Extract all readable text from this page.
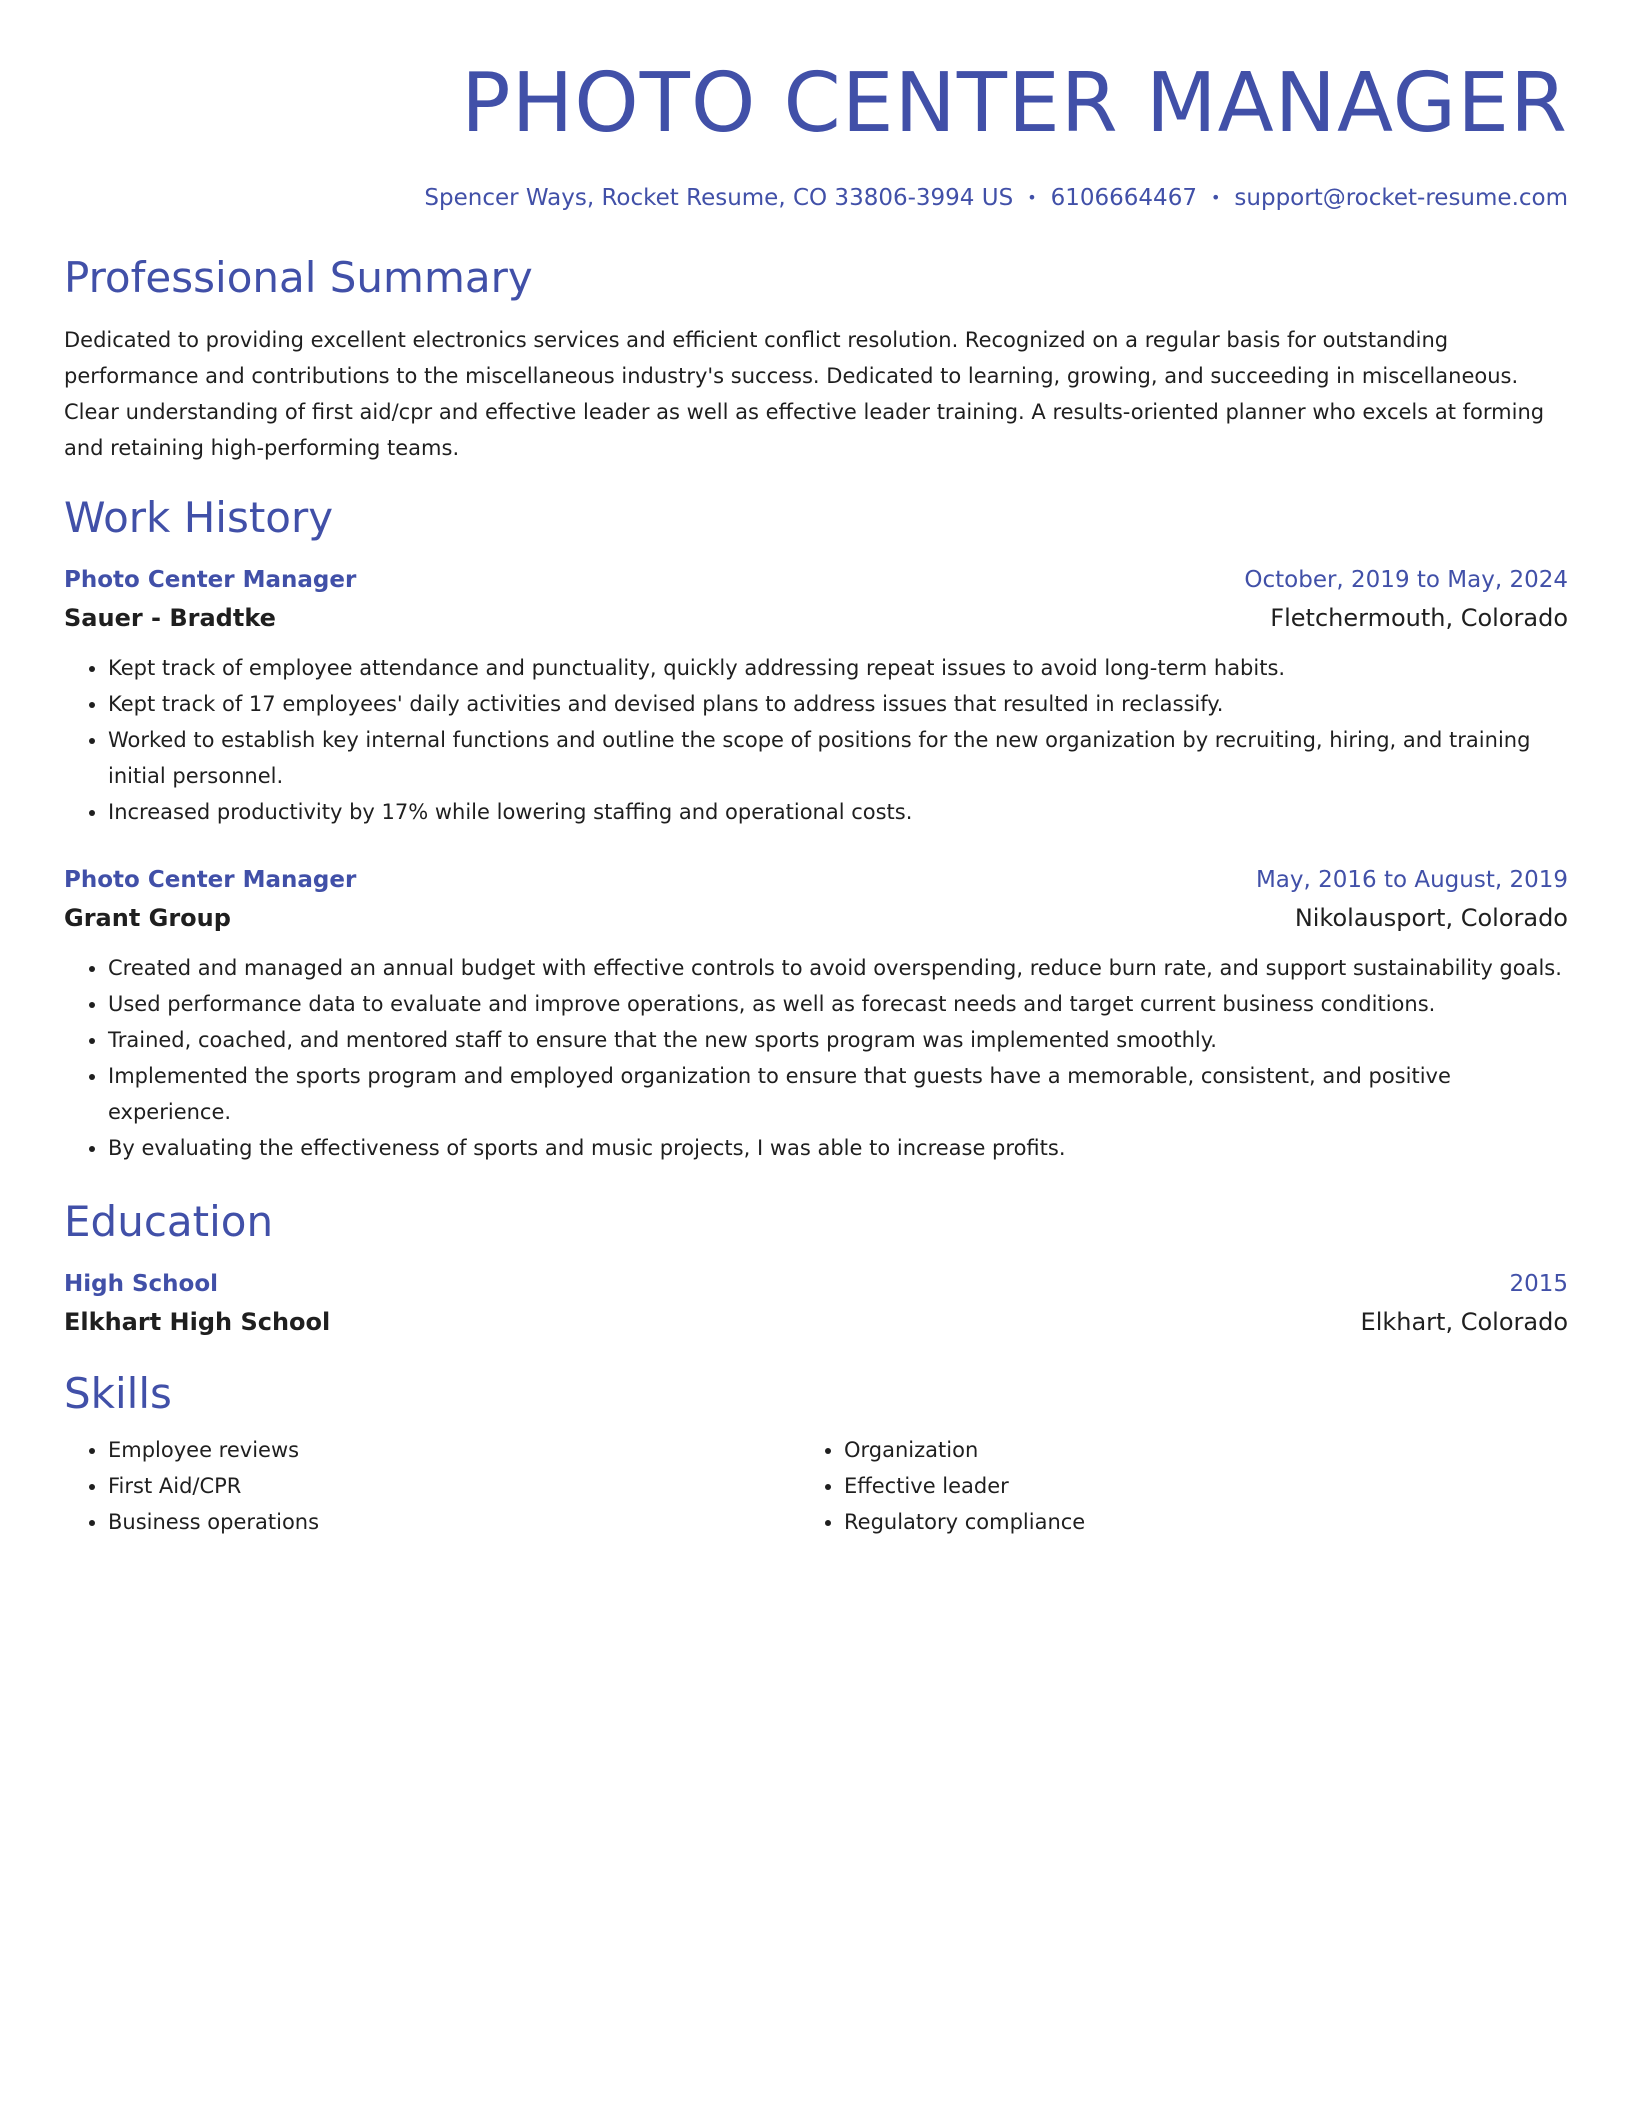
PHOTO CENTER MANAGER
Spencer Ways, Rocket Resume, CO 33806-3994 US • 6106664467 • support@rocket-resume.com
Professional Summary

Dedicated to providing excellent electronics services and efficient conflict resolution. Recognized on a regular basis for outstanding performance and contributions to the miscellaneous industry's success. Dedicated to learning, growing, and succeeding in miscellaneous. Clear understanding of first aid/cpr and effective leader as well as effective leader training. A results-oriented planner who excels at forming and retaining high-performing teams.

Work History
Photo Center Manager	October, 2019 to May, 2024
Sauer - Bradtke	Fletchermouth, Colorado
• Kept track of employee attendance and punctuality, quickly addressing repeat issues to avoid long-term habits.
• Kept track of 17 employees' daily activities and devised plans to address issues that resulted in reclassify.
• Worked to establish key internal functions and outline the scope of positions for the new organization by recruiting, hiring, and training initial personnel.
• Increased productivity by 17% while lowering staffing and operational costs.
Photo Center Manager	May, 2016 to August, 2019
Grant Group	Nikolausport, Colorado
• Created and managed an annual budget with effective controls to avoid overspending, reduce burn rate, and support sustainability goals.
• Used performance data to evaluate and improve operations, as well as forecast needs and target current business conditions.
• Trained, coached, and mentored staff to ensure that the new sports program was implemented smoothly.
• Implemented the sports program and employed organization to ensure that guests have a memorable, consistent, and positive experience.
• By evaluating the effectiveness of sports and music projects, I was able to increase profits.
Education
High School	2015
Elkhart High School	Elkhart, Colorado
Skills
• Employee reviews
• First Aid/CPR
• Business operations
• Organization
• Effective leader
• Regulatory compliance
